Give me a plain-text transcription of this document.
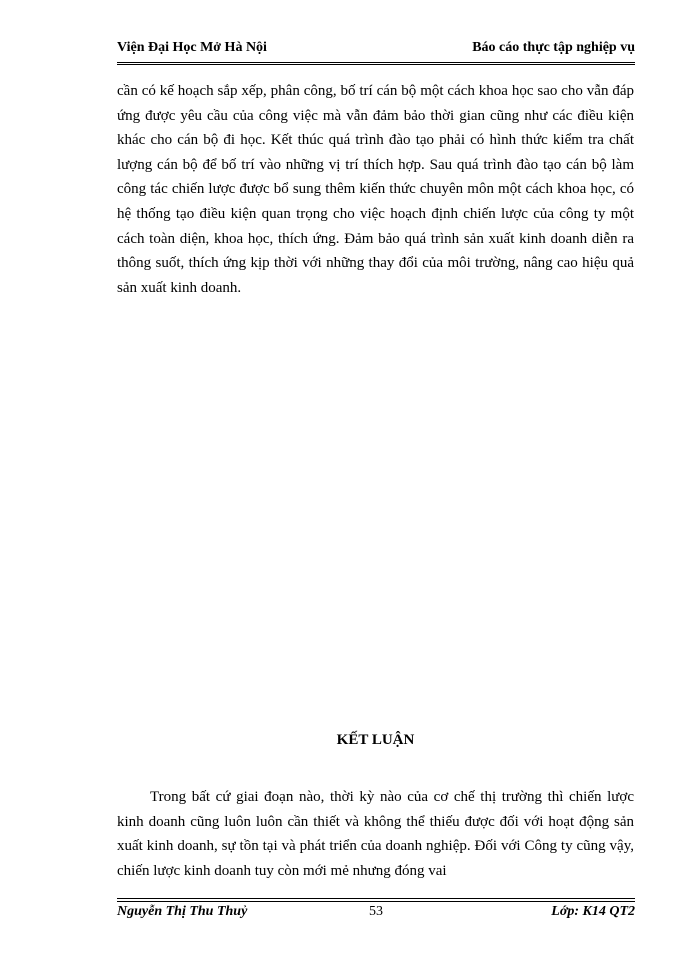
Viện Đại Học Mở Hà Nội	Báo cáo thực tập nghiệp vụ

cần có kế hoạch sắp xếp, phân công, bố trí cán bộ một cách khoa học sao cho vẫn đáp ứng được yêu cầu của công việc mà vẫn đảm bảo thời gian cũng như các điều kiện khác cho cán bộ đi học. Kết thúc quá trình đào tạo phải có hình thức kiểm tra chất lượng cán bộ để bố trí vào những vị trí thích hợp. Sau quá trình đào tạo cán bộ làm công tác chiến lược được bổ sung thêm kiến thức chuyên môn một cách khoa học, có hệ thống tạo điều kiện quan trọng cho việc hoạch định chiến lược của công ty một cách toàn diện, khoa học, thích ứng. Đảm bảo quá trình sản xuất kinh doanh diễn ra thông suốt, thích ứng kịp thời với những thay đổi của môi trường, nâng cao hiệu quả sản xuất kinh doanh.

KẾT LUẬN

Trong bất cứ giai đoạn nào, thời kỳ nào của cơ chế thị trường thì chiến lược kinh doanh cũng luôn luôn cần thiết và không thể thiếu được đối với hoạt động sản xuất kinh doanh, sự tồn tại và phát triển của doanh nghiệp. Đối với Công ty cũng vậy, chiến lược kinh doanh tuy còn mới mẻ nhưng đóng vai

Nguyễn Thị Thu Thuỷ	53	Lớp: K14 QT2
